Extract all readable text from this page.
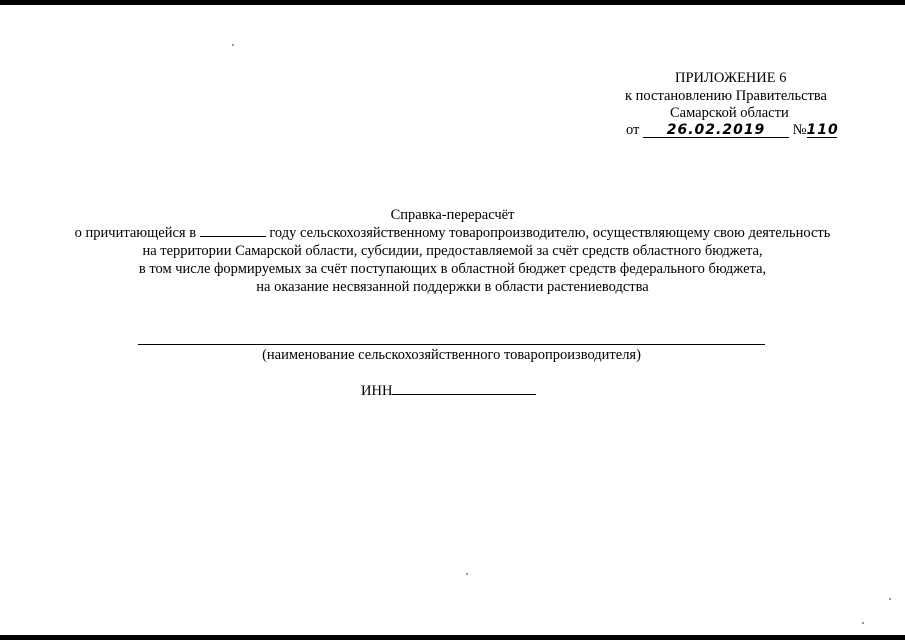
ПРИЛОЖЕНИЕ 6
к постановлению Правительства
Самарской области
от 26.02.2019 №110
Справка-перерасчёт
о причитающейся в	году сельскохозяйственному товаропроизводителю, осуществляющему свою деятельность
на территории Самарской области, субсидии, предоставляемой за счёт средств областного бюджета,
в том числе формируемых за счёт поступающих в областной бюджет средств федерального бюджета,
на оказание несвязанной поддержки в области растениеводства
(наименование сельскохозяйственного товаропроизводителя)
ИНН
